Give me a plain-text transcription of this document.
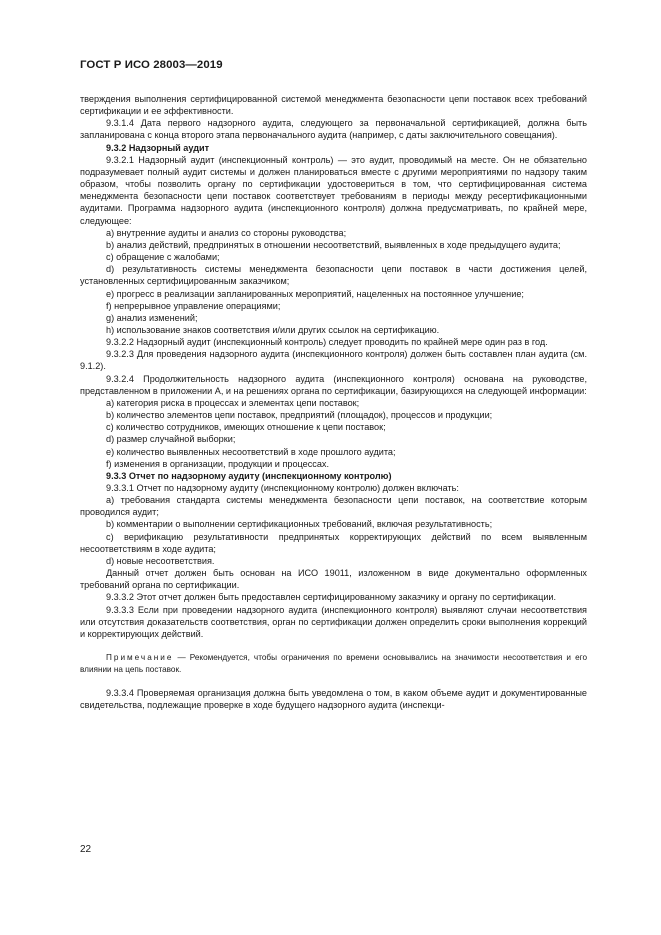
ГОСТ Р ИСО 28003—2019

тверждения выполнения сертифицированной системой менеджмента безопасности цепи поставок всех требований сертификации и ее эффективности.

9.3.1.4 Дата первого надзорного аудита, следующего за первоначальной сертификацией, должна быть запланирована с конца второго этапа первоначального аудита (например, с даты заключительного совещания).

9.3.2 Надзорный аудит

9.3.2.1 Надзорный аудит (инспекционный контроль) — это аудит, проводимый на месте. Он не обязательно подразумевает полный аудит системы и должен планироваться вместе с другими мероприятиями по надзору таким образом, чтобы позволить органу по сертификации удостовериться в том, что сертифицированная система менеджмента безопасности цепи поставок соответствует требованиям в периоды между ресертификационными аудитами. Программа надзорного аудита (инспекционного контроля) должна предусматривать, по крайней мере, следующее:

a) внутренние аудиты и анализ со стороны руководства;

b) анализ действий, предпринятых в отношении несоответствий, выявленных в ходе предыдущего аудита;

c) обращение с жалобами;

d) результативность системы менеджмента безопасности цепи поставок в части достижения целей, установленных сертифицированным заказчиком;

e) прогресс в реализации запланированных мероприятий, нацеленных на постоянное улучшение;

f) непрерывное управление операциями;

g) анализ изменений;

h) использование знаков соответствия и/или других ссылок на сертификацию.

9.3.2.2 Надзорный аудит (инспекционный контроль) следует проводить по крайней мере один раз в год.

9.3.2.3 Для проведения надзорного аудита (инспекционного контроля) должен быть составлен план аудита (см. 9.1.2).

9.3.2.4 Продолжительность надзорного аудита (инспекционного контроля) основана на руководстве, представленном в приложении А, и на решениях органа по сертификации, базирующихся на следующей информации:

a) категория риска в процессах и элементах цепи поставок;

b) количество элементов цепи поставок, предприятий (площадок), процессов и продукции;

c) количество сотрудников, имеющих отношение к цепи поставок;

d) размер случайной выборки;

e) количество выявленных несоответствий в ходе прошлого аудита;

f) изменения в организации, продукции и процессах.

9.3.3 Отчет по надзорному аудиту (инспекционному контролю)

9.3.3.1 Отчет по надзорному аудиту (инспекционному контролю) должен включать:

a) требования стандарта системы менеджмента безопасности цепи поставок, на соответствие которым проводился аудит;

b) комментарии о выполнении сертификационных требований, включая результативность;

c) верификацию результативности предпринятых корректирующих действий по всем выявленным несоответствиям в ходе аудита;

d) новые несоответствия.

Данный отчет должен быть основан на ИСО 19011, изложенном в виде документально оформленных требований органа по сертификации.

9.3.3.2 Этот отчет должен быть предоставлен сертифицированному заказчику и органу по сертификации.

9.3.3.3 Если при проведении надзорного аудита (инспекционного контроля) выявляют случаи несоответствия или отсутствия доказательств соответствия, орган по сертификации должен определить сроки выполнения коррекций и корректирующих действий.

Примечание — Рекомендуется, чтобы ограничения по времени основывались на значимости несоответствия и его влиянии на цепь поставок.

9.3.3.4 Проверяемая организация должна быть уведомлена о том, в каком объеме аудит и документированные свидетельства, подлежащие проверке в ходе будущего надзорного аудита (инспекци-

22
